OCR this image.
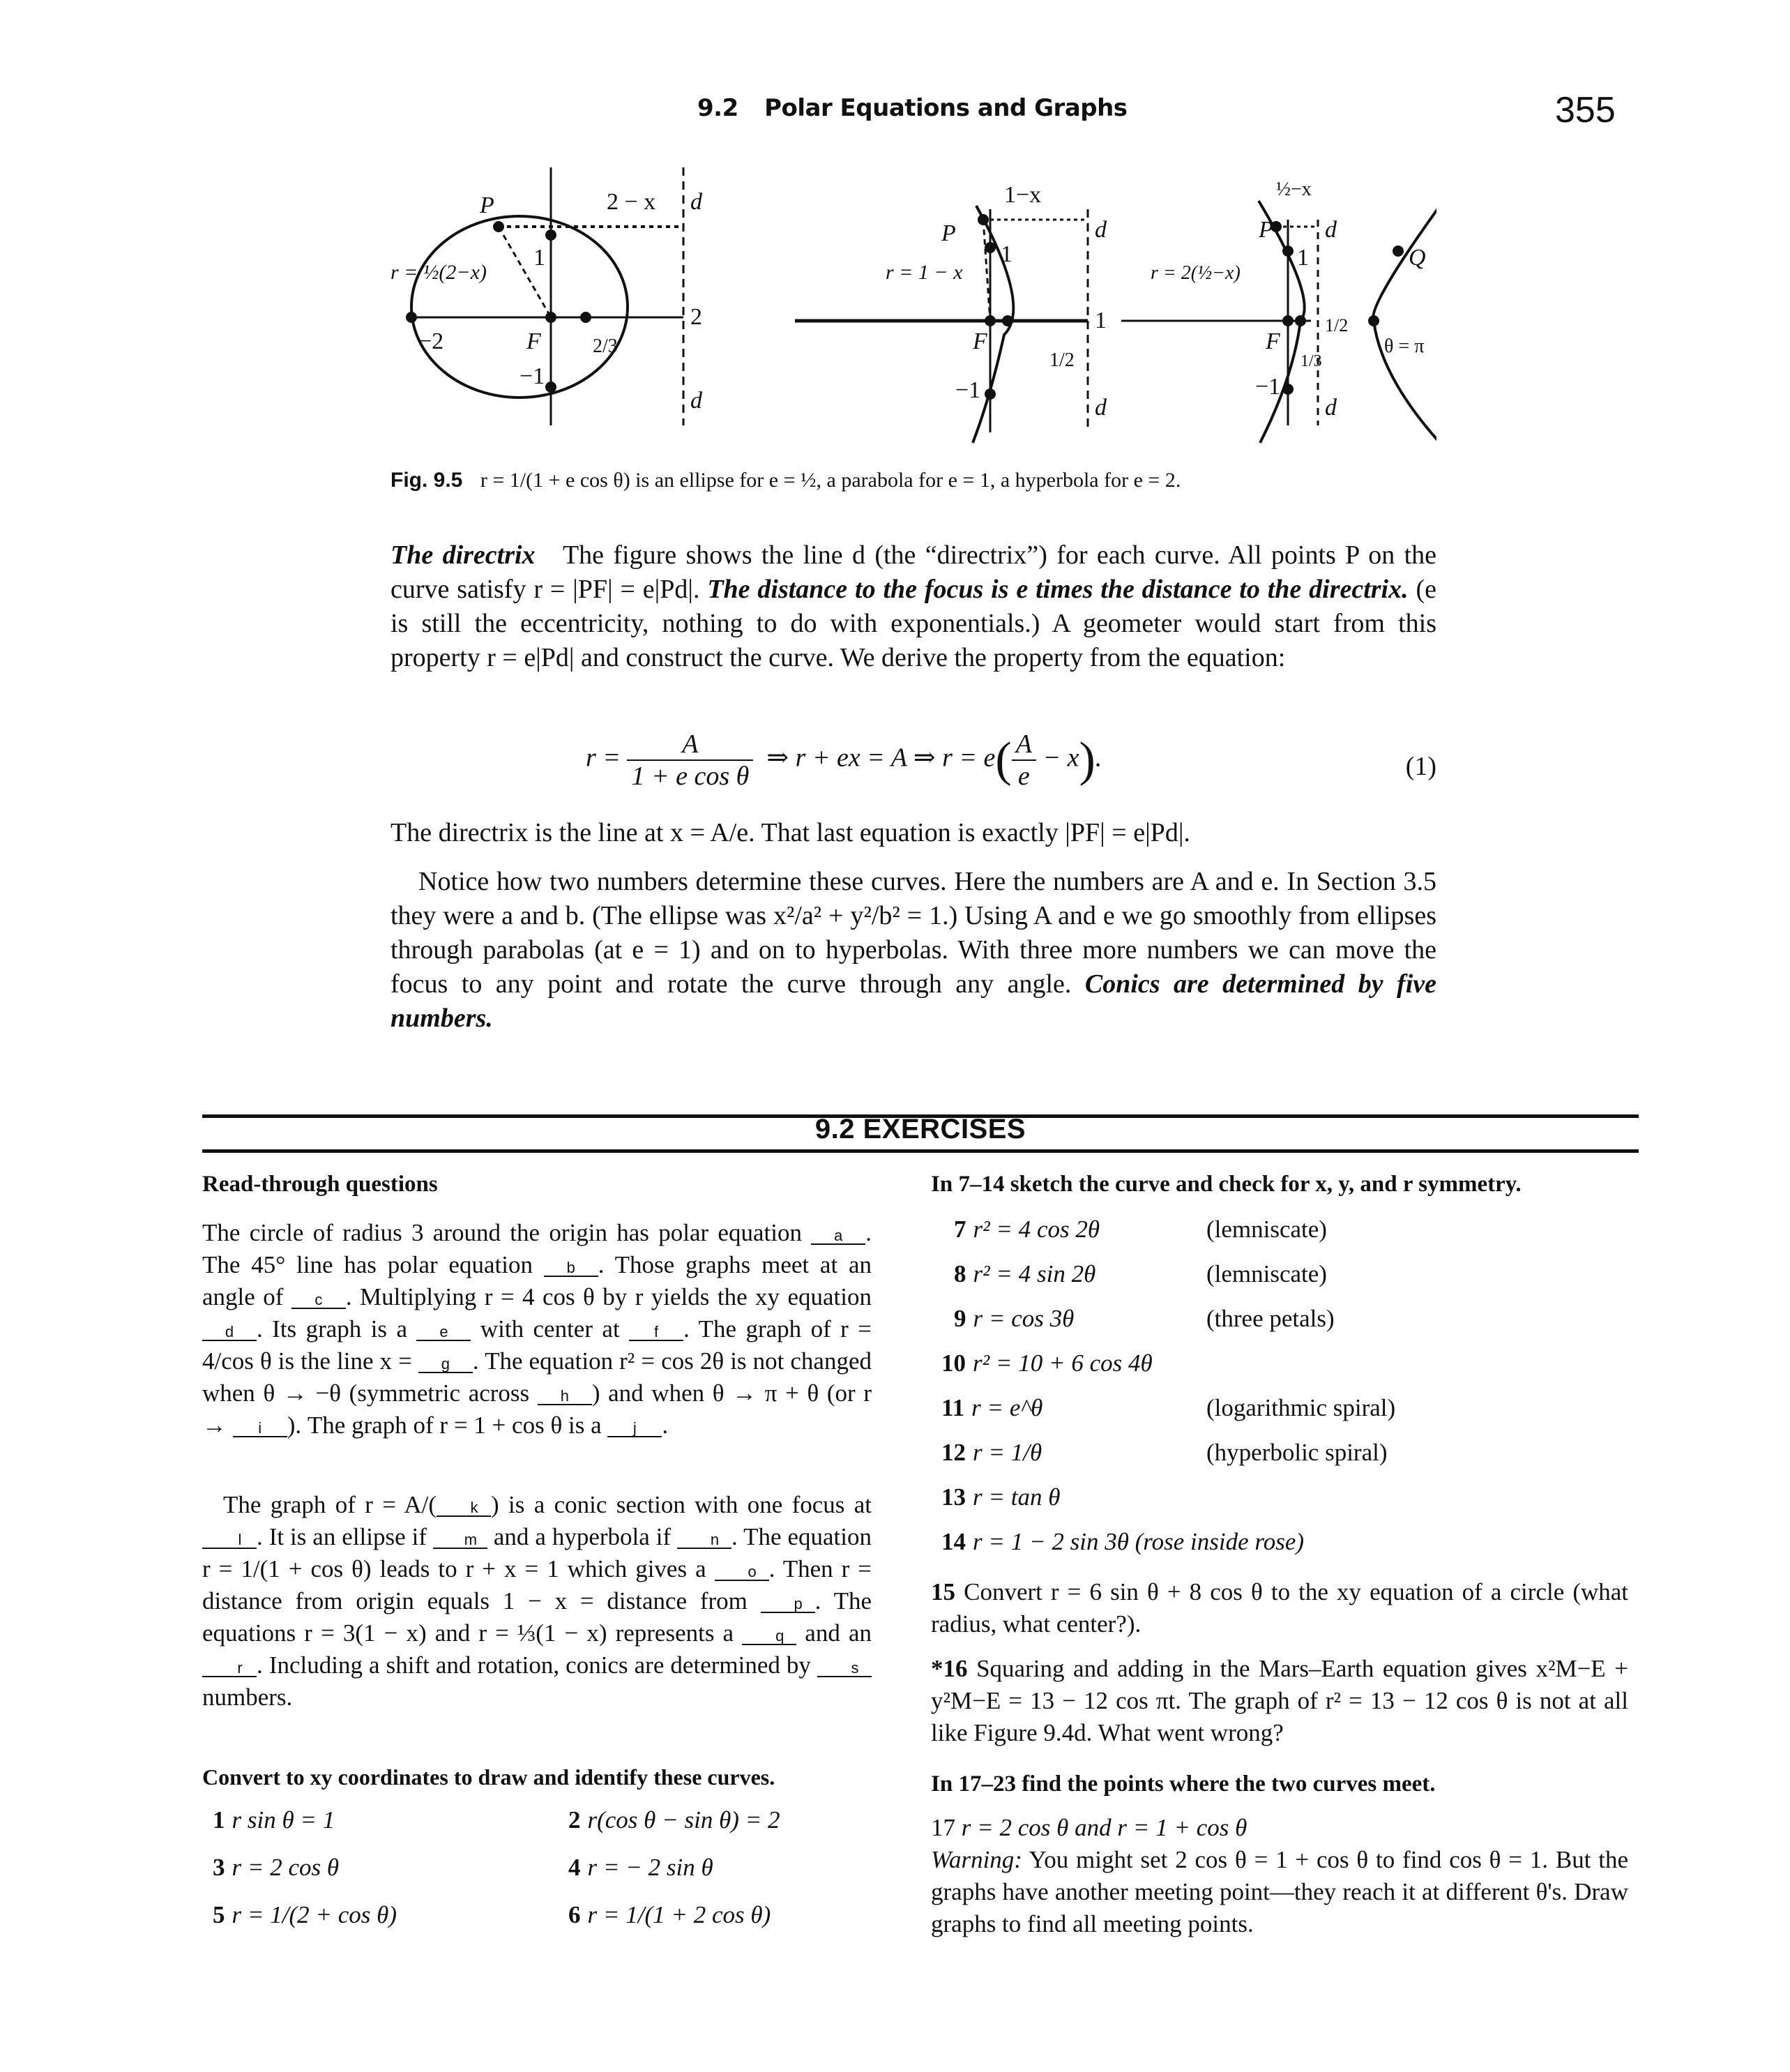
9.2 Polar Equations and Graphs	355
P	2 − x d
d
2
r = ½(2−x)
1
F
−2	2/3
−1
P
1−x
d
d
1
r = 1 − x
1
F
1/2
−1
P
½−x
d
d
1/2
r = 2(½−x)
1
F
1/3
−1
Q
θ = π
Fig. 9.5 r = 1/(1 + e cos θ) is an ellipse for e = ½, a parabola for e = 1, a hyperbola for e = 2.
The directrix The figure shows the line d (the “directrix”) for each curve. All points P on the curve satisfy r = |PF| = e|Pd|. The distance to the focus is e times the distance to the directrix. (e is still the eccentricity, nothing to do with exponentials.) A geometer would start from this property r = e|Pd| and construct the curve. We derive the property from the equation:
$r = \frac{A}{\text{1 + e cos θ}}$ ⇒ r + ex = A ⇒ $r = e( \frac{A}{e} - x)$.	(1)
The directrix is the line at x = A/e. That last equation is exactly |PF| = e|Pd|.
Notice how two numbers determine these curves. Here the numbers are A and e. In Section 3.5 they were a and b. (The ellipse was x²/a² + y²/b² = 1.) Using A and e we go smoothly from ellipses through parabolas (at e = 1) and on to hyperbolas. With three more numbers we can move the focus to any point and rotate the curve through any angle. Conics are determined by five numbers.
9.2 EXERCISES
Read-through questions
The circle of radius 3 around the origin has polar equation a . The 45° line has polar equation b . Those graphs meet at an angle of c . Multiplying r = 4 cos θ by r yields the xy equation d . Its graph is a e with center at f . The graph of r = 4/cos θ is the line x = g . The equation r² = cos 2θ is not changed when θ → −θ (symmetric across h ) and when θ → π + θ (or r → i ). The graph of r = 1 + cos θ is a j .
The graph of r = A/( k ) is a conic section with one focus at l . It is an ellipse if m and a hyperbola if n . The equation r = 1/(1 + cos θ) leads to r + x = 1 which gives a o . Then r = distance from origin equals 1 − x = distance from p . The equations r = 3(1 − x) and r = ⅓(1 − x) represents a q and an r . Including a shift and rotation, conics are determined by s numbers.
Convert to xy coordinates to draw and identify these curves.
1 r sin θ = 1	2 r(cos θ − sin θ) = 2
3 r = 2 cos θ	4 r = − 2 sin θ
5 r = 1/(2 + cos θ)	6 r = 1/(1 + 2 cos θ)
In 7–14 sketch the curve and check for x, y, and r symmetry.
7 r² = 4 cos 2θ	(lemniscate)
8 r² = 4 sin 2θ	(lemniscate)
9 r = cos 3θ	(three petals)
10 r² = 10 + 6 cos 4θ
11 r = e^θ	(logarithmic spiral)
12 r = 1/θ	(hyperbolic spiral)
13 r = tan θ
14 r = 1 − 2 sin 3θ (rose inside rose)
15 Convert r = 6 sin θ + 8 cos θ to the xy equation of a circle (what radius, what center?).
*16 Squaring and adding in the Mars–Earth equation gives x²M−E + y²M−E = 13 − 12 cos πt. The graph of r² = 13 − 12 cos θ is not at all like Figure 9.4d. What went wrong?
In 17–23 find the points where the two curves meet.
17 r = 2 cos θ and r = 1 + cos θ
Warning: You might set 2 cos θ = 1 + cos θ to find cos θ = 1. But the graphs have another meeting point—they reach it at different θ's. Draw graphs to find all meeting points.
